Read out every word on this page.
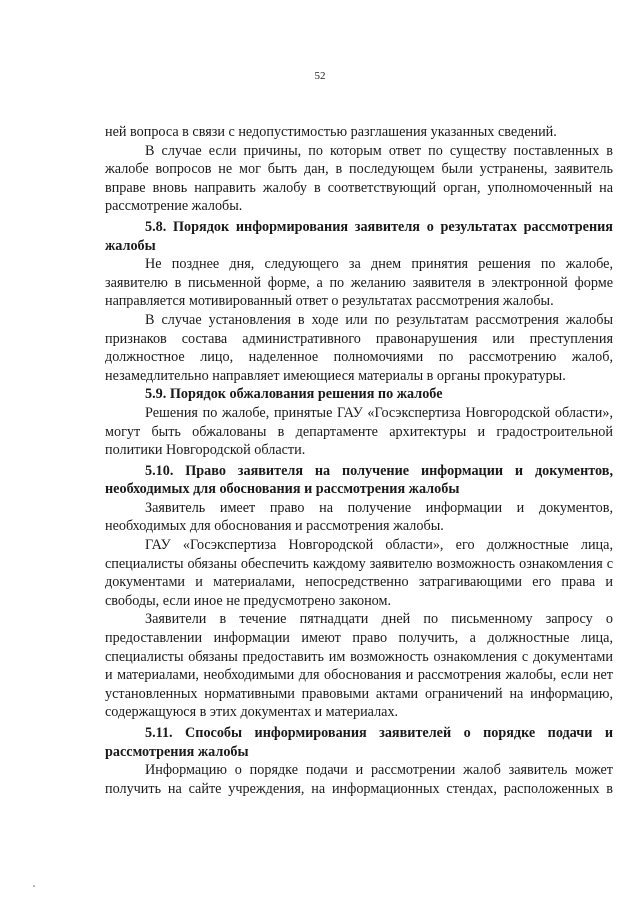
52

ней вопроса в связи с недопустимостью разглашения указанных сведений.

В случае если причины, по которым ответ по существу поставленных в жалобе вопросов не мог быть дан, в последующем были устранены, заявитель вправе вновь направить жалобу в соответствующий орган, уполномоченный на рассмотрение жалобы.

5.8. Порядок информирования заявителя о результатах рассмотрения жалобы

Не позднее дня, следующего за днем принятия решения по жалобе, заявителю в письменной форме, а по желанию заявителя в электронной форме направляется мотивированный ответ о результатах рассмотрения жалобы.

В случае установления в ходе или по результатам рассмотрения жалобы признаков состава административного правонарушения или преступления должностное лицо, наделенное полномочиями по рассмотрению жалоб, незамедлительно направляет имеющиеся материалы в органы прокуратуры.

5.9. Порядок обжалования решения по жалобе

Решения по жалобе, принятые ГАУ «Госэкспертиза Новгородской области», могут быть обжалованы в департаменте архитектуры и градостроительной политики Новгородской области.

5.10. Право заявителя на получение информации и документов, необходимых для обоснования и рассмотрения жалобы

Заявитель имеет право на получение информации и документов, необходимых для обоснования и рассмотрения жалобы.

ГАУ «Госэкспертиза Новгородской области», его должностные лица, специалисты обязаны обеспечить каждому заявителю возможность ознакомления с документами и материалами, непосредственно затрагивающими его права и свободы, если иное не предусмотрено законом.

Заявители в течение пятнадцати дней по письменному запросу о предоставлении информации имеют право получить, а должностные лица, специалисты обязаны предоставить им возможность ознакомления с документами и материалами, необходимыми для обоснования и рассмотрения жалобы, если нет установленных нормативными правовыми актами ограничений на информацию, содержащуюся в этих документах и материалах.

5.11. Способы информирования заявителей о порядке подачи и рассмотрения жалобы

Информацию о порядке подачи и рассмотрении жалоб заявитель может получить на сайте учреждения, на информационных стендах, расположенных в
